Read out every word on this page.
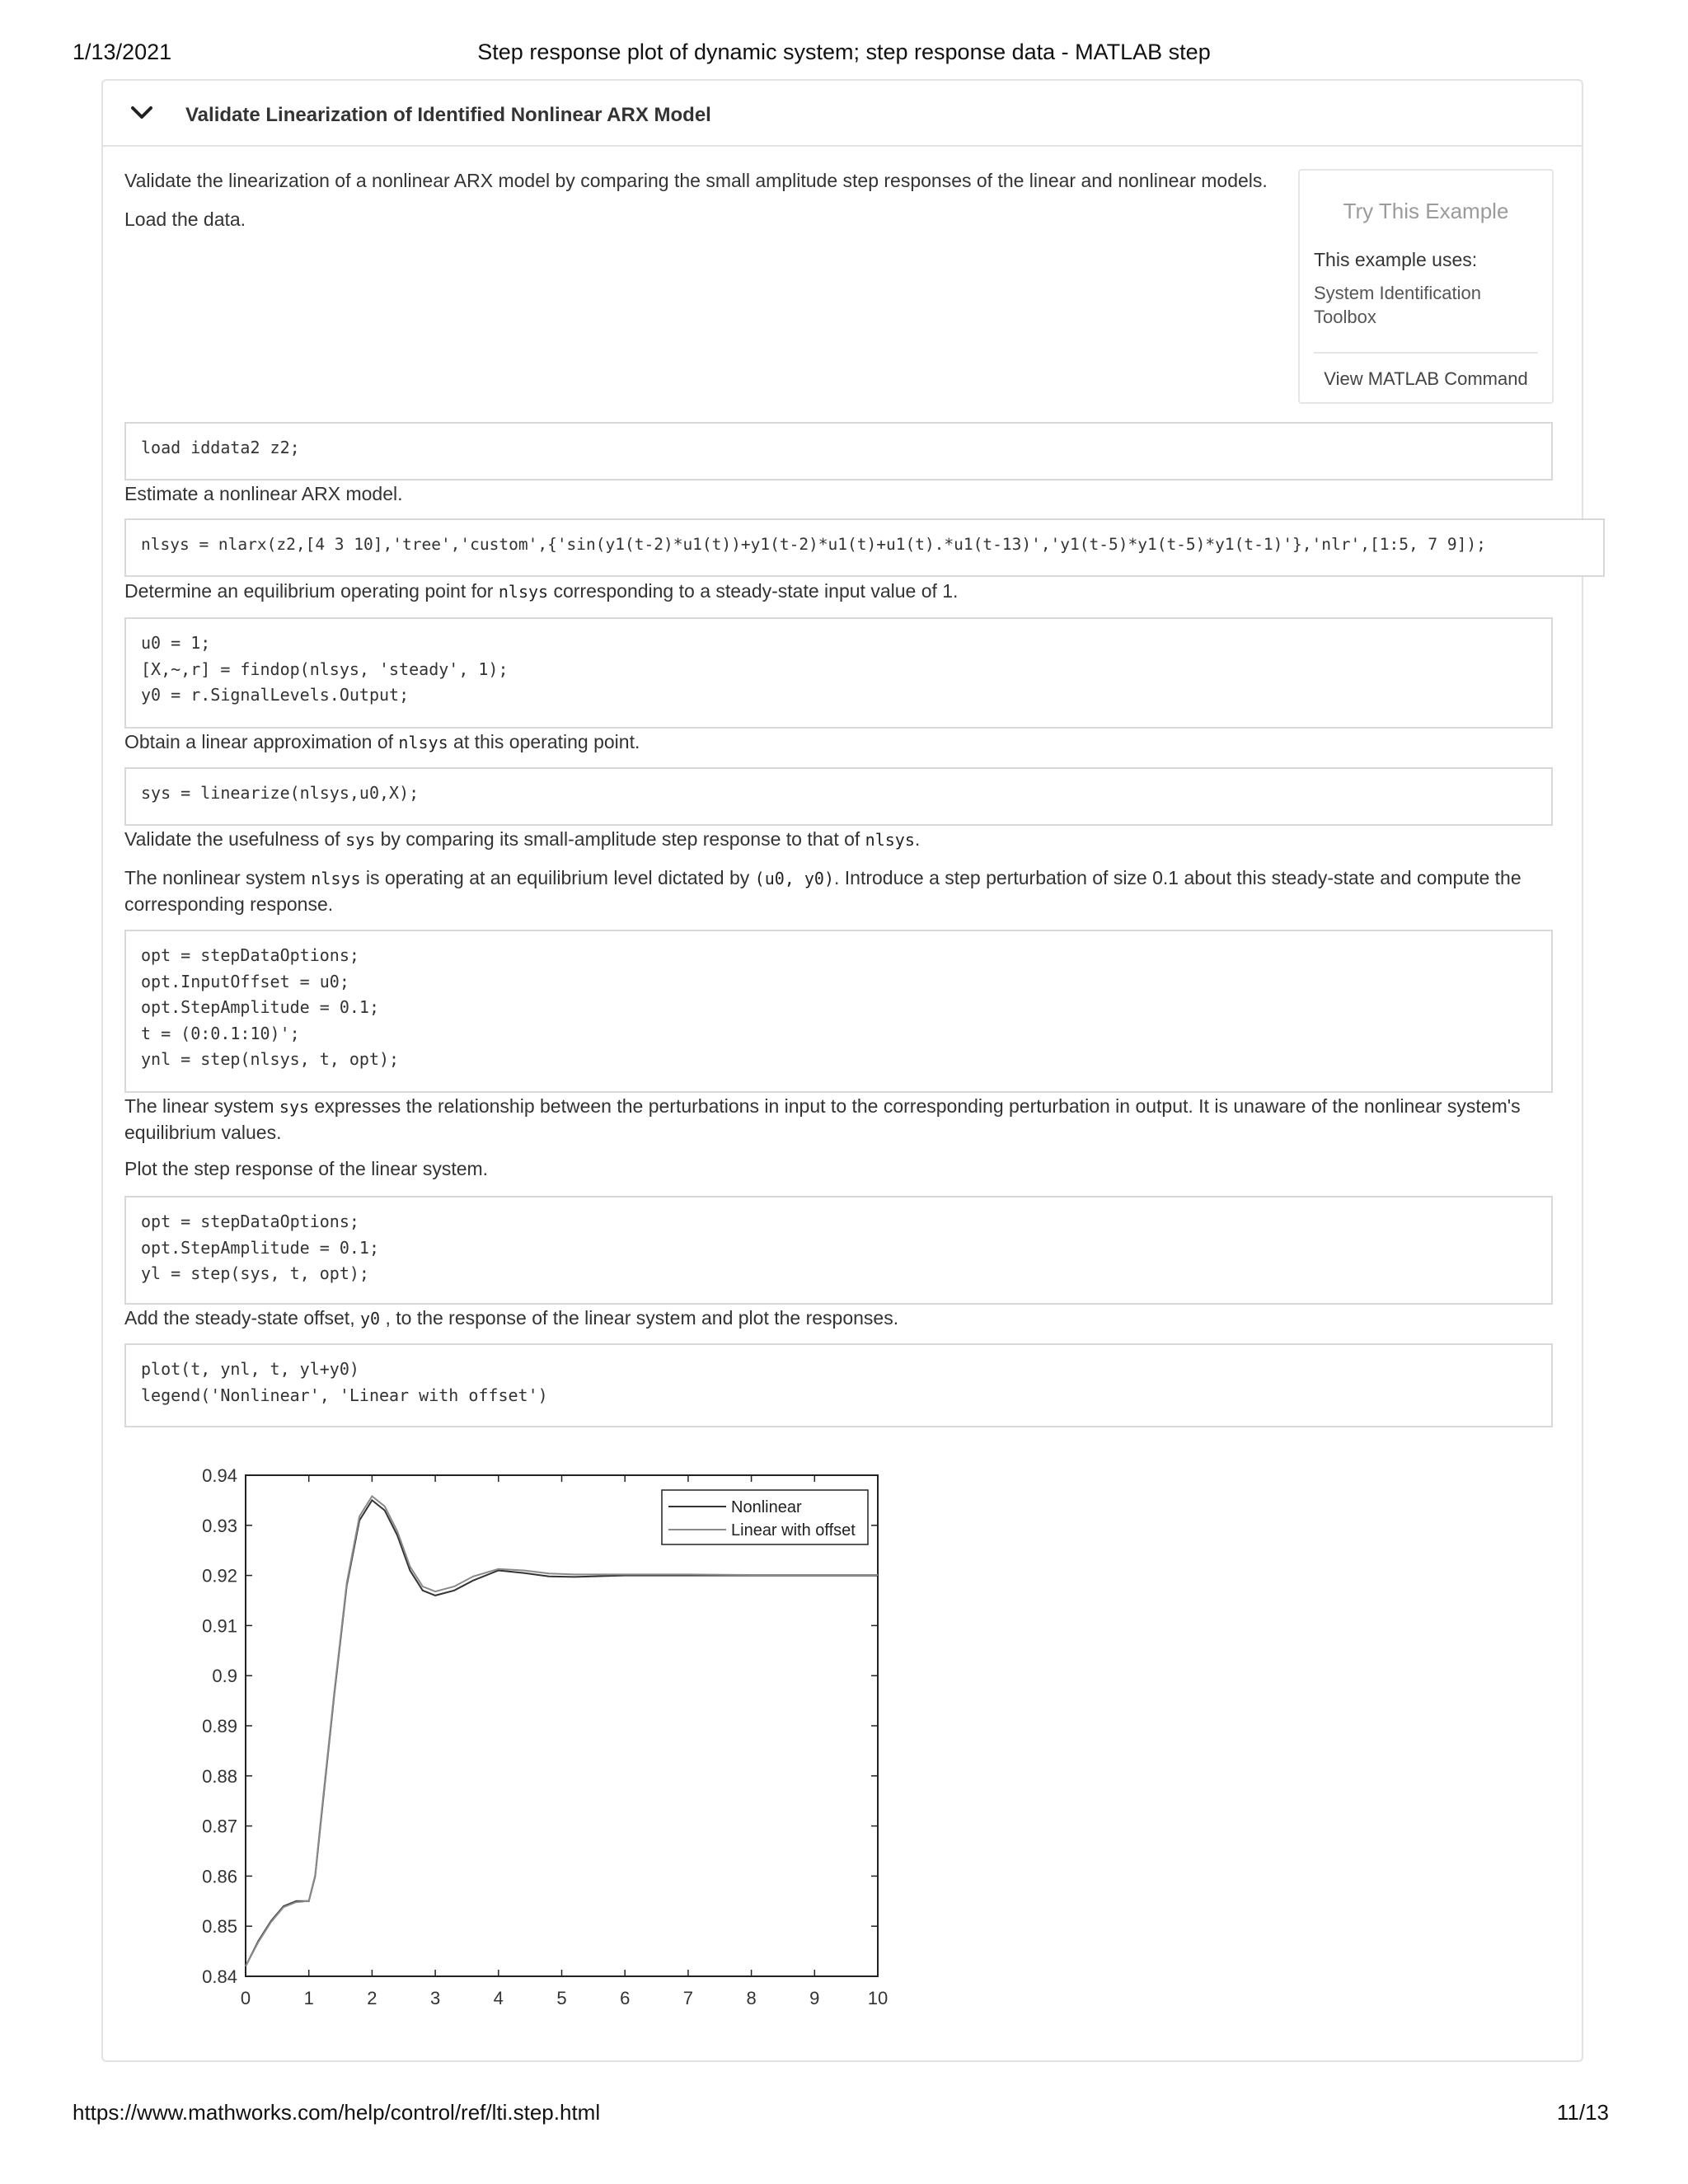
1/13/2021	Step response plot of dynamic system; step response data - MATLAB step
Validate Linearization of Identified Nonlinear ARX Model
Validate the linearization of a nonlinear ARX model by comparing the small amplitude step responses of the linear and nonlinear models.
Load the data.	Try This Example
This example uses:
System Identification Toolbox
View MATLAB Command
load iddata2 z2;
Estimate a nonlinear ARX model.
nlsys = nlarx(z2,[4 3 10],'tree','custom',{'sin(y1(t-2)*u1(t))+y1(t-2)*u1(t)+u1(t).*u1(t-13)','y1(t-5)*y1(t-5)*y1(t-1)'},'nlr',[1:5, 7 9]);
Determine an equilibrium operating point for nlsys corresponding to a steady-state input value of 1.
u0 = 1;
[X,~,r] = findop(nlsys, 'steady', 1);
y0 = r.SignalLevels.Output;
Obtain a linear approximation of nlsys at this operating point.
sys = linearize(nlsys,u0,X);
Validate the usefulness of sys by comparing its small-amplitude step response to that of nlsys.
The nonlinear system nlsys is operating at an equilibrium level dictated by (u0, y0). Introduce a step perturbation of size 0.1 about this steady-state and compute the corresponding response.
opt = stepDataOptions;
opt.InputOffset = u0;
opt.StepAmplitude = 0.1;
t = (0:0.1:10)';
ynl = step(nlsys, t, opt);
The linear system sys expresses the relationship between the perturbations in input to the corresponding perturbation in output. It is unaware of the nonlinear system's equilibrium values.
Plot the step response of the linear system.
opt = stepDataOptions;
opt.StepAmplitude = 0.1;
yl = step(sys, t, opt);
Add the steady-state offset, y0 , to the response of the linear system and plot the responses.
plot(t, ynl, t, yl+y0)
legend('Nonlinear', 'Linear with offset')
0	1	2	3	4	5	6	7	8	9	10
0.84
0.85
0.86
0.87
0.88
0.89
0.9
0.91
0.92
0.93
0.94
Nonlinear
Linear with offset
https://www.mathworks.com/help/control/ref/lti.step.html	11/13
